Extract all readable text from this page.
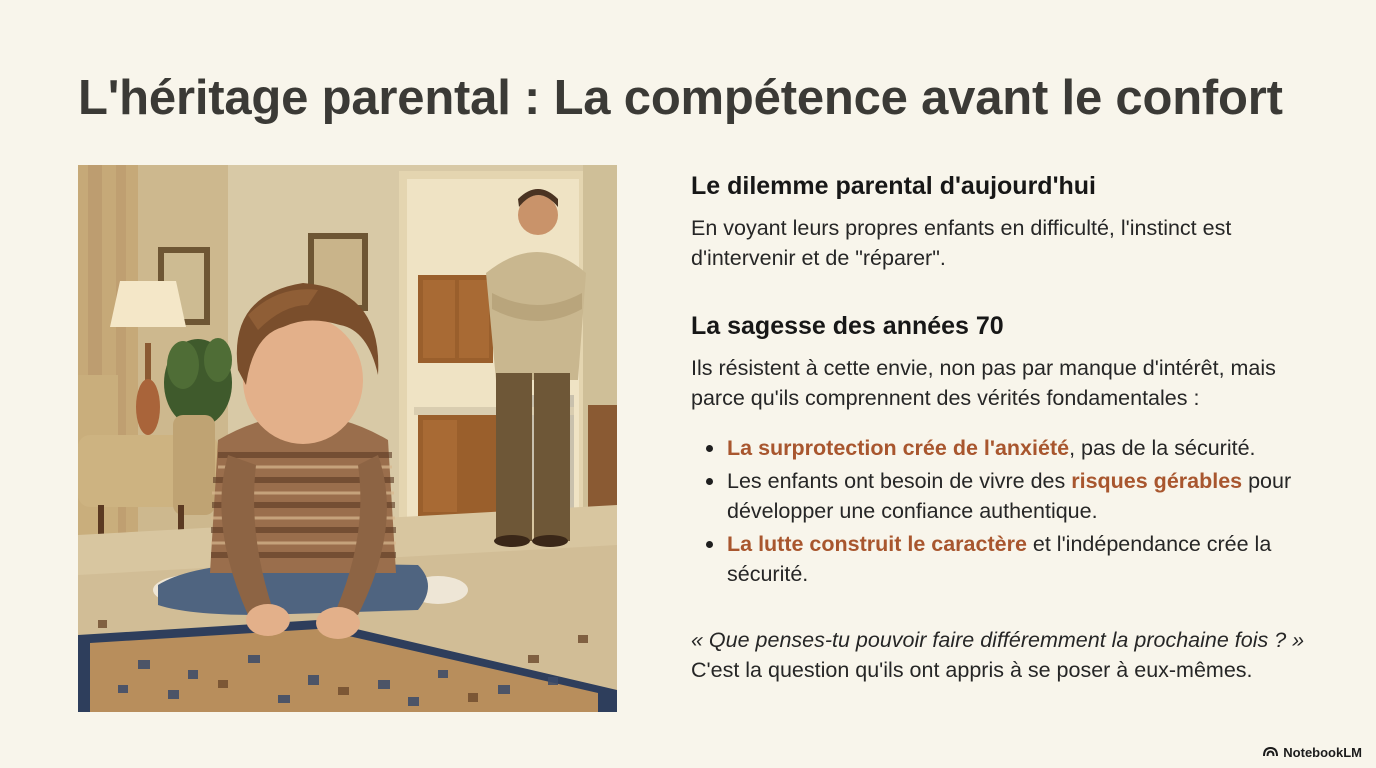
L'héritage parental : La compétence avant le confort
Le dilemme parental d'aujourd'hui

En voyant leurs propres enfants en difficulté, l'instinct est d'intervenir et de "réparer".

La sagesse des années 70

Ils résistent à cette envie, non pas par manque d'intérêt, mais parce qu'ils comprennent des vérités fondamentales :

La surprotection crée de l'anxiété, pas de la sécurité.
Les enfants ont besoin de vivre des risques gérables pour développer une confiance authentique.
La lutte construit le caractère et l'indépendance crée la sécurité.

« Que penses-tu pouvoir faire différemment la prochaine fois ? » C'est la question qu'ils ont appris à se poser à eux-mêmes.

NotebookLM
